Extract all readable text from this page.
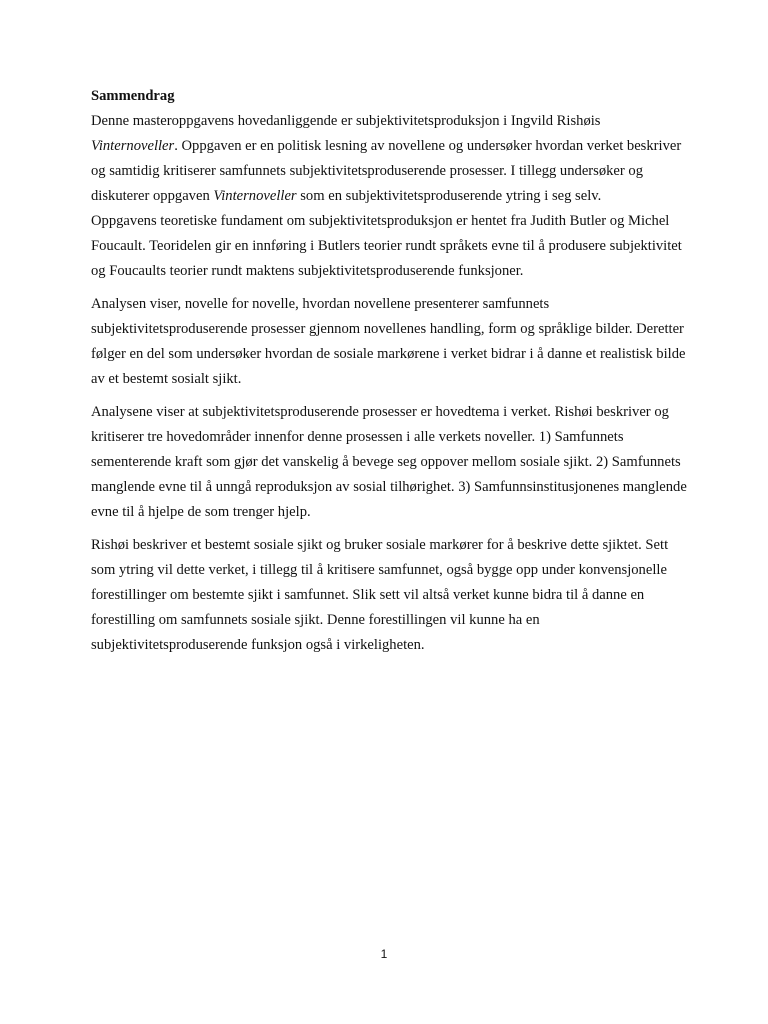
Sammendrag

Denne masteroppgavens hovedanliggende er subjektivitetsproduksjon i Ingvild Rishøis Vinternoveller. Oppgaven er en politisk lesning av novellene og undersøker hvordan verket beskriver og samtidig kritiserer samfunnets subjektivitetsproduserende prosesser. I tillegg undersøker og diskuterer oppgaven Vinternoveller som en subjektivitetsproduserende ytring i seg selv.

Oppgavens teoretiske fundament om subjektivitetsproduksjon er hentet fra Judith Butler og Michel Foucault. Teoridelen gir en innføring i Butlers teorier rundt språkets evne til å produsere subjektivitet og Foucaults teorier rundt maktens subjektivitetsproduserende funksjoner.

Analysen viser, novelle for novelle, hvordan novellene presenterer samfunnets subjektivitetsproduserende prosesser gjennom novellenes handling, form og språklige bilder. Deretter følger en del som undersøker hvordan de sosiale markørene i verket bidrar i å danne et realistisk bilde av et bestemt sosialt sjikt.

Analysene viser at subjektivitetsproduserende prosesser er hovedtema i verket. Rishøi beskriver og kritiserer tre hovedområder innenfor denne prosessen i alle verkets noveller. 1) Samfunnets sementerende kraft som gjør det vanskelig å bevege seg oppover mellom sosiale sjikt. 2) Samfunnets manglende evne til å unngå reproduksjon av sosial tilhørighet. 3) Samfunnsinstitusjonenes manglende evne til å hjelpe de som trenger hjelp.

Rishøi beskriver et bestemt sosiale sjikt og bruker sosiale markører for å beskrive dette sjiktet. Sett som ytring vil dette verket, i tillegg til å kritisere samfunnet, også bygge opp under konvensjonelle forestillinger om bestemte sjikt i samfunnet. Slik sett vil altså verket kunne bidra til å danne en forestilling om samfunnets sosiale sjikt. Denne forestillingen vil kunne ha en subjektivitetsproduserende funksjon også i virkeligheten.

1
